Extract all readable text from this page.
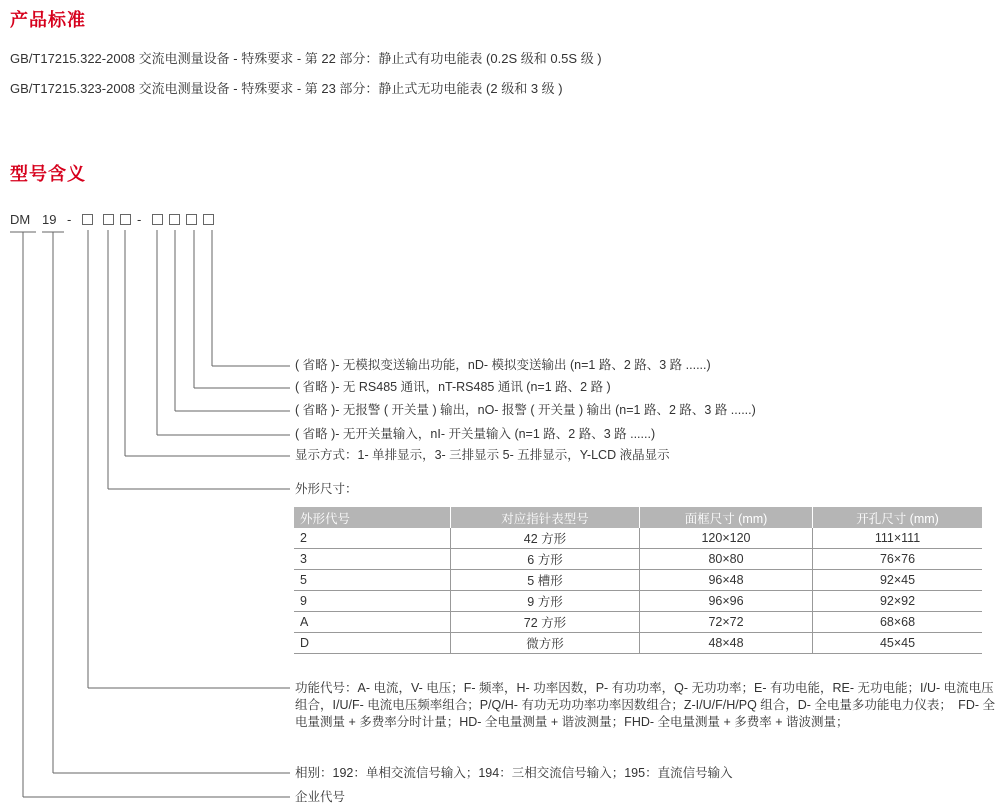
产品标准
GB/T17215.322-2008 交流电测量设备 - 特殊要求 - 第 22 部分：静止式有功电能表 (0.2S 级和 0.5S 级 )
GB/T17215.323-2008 交流电测量设备 - 特殊要求 - 第 23 部分：静止式无功电能表 (2 级和 3 级 )
型号含义
DM 19 -	-
( 省略 )- 无模拟变送输出功能，nD- 模拟变送输出 (n=1 路、2 路、3 路 ......)
( 省略 )- 无 RS485 通讯，nT-RS485 通讯 (n=1 路、2 路 )
( 省略 )- 无报警 ( 开关量 ) 输出，nO- 报警 ( 开关量 ) 输出 (n=1 路、2 路、3 路 ......)
( 省略 )- 无开关量输入，nI- 开关量输入 (n=1 路、2 路、3 路 ......)
显示方式：1- 单排显示，3- 三排显示 5- 五排显示，Y-LCD 液晶显示
外形尺寸：
外形代号	对应指针表型号	面框尺寸 (mm)	开孔尺寸 (mm)
2	42 方形	120×120	111×111
3	6 方形	80×80	76×76
5	5 槽形	96×48	92×45
9	9 方形	96×96	92×92
A	72 方形	72×72	68×68
D	微方形	48×48	45×45
功能代号：A- 电流，V- 电压；F- 频率，H- 功率因数，P- 有功功率，Q- 无功功率；E- 有功电能，RE- 无功电能；I/U- 电流电压组合，I/U/F- 电流电压频率组合；P/Q/H- 有功无功功率功率因数组合；Z-I/U/F/H/PQ 组合，D- 全电量多功能电力仪表；　FD- 全电量测量 + 多费率分时计量；HD- 全电量测量 + 谐波测量；FHD- 全电量测量 + 多费率 + 谐波测量；
相别：192：单相交流信号输入；194：三相交流信号输入；195：直流信号输入
企业代号
